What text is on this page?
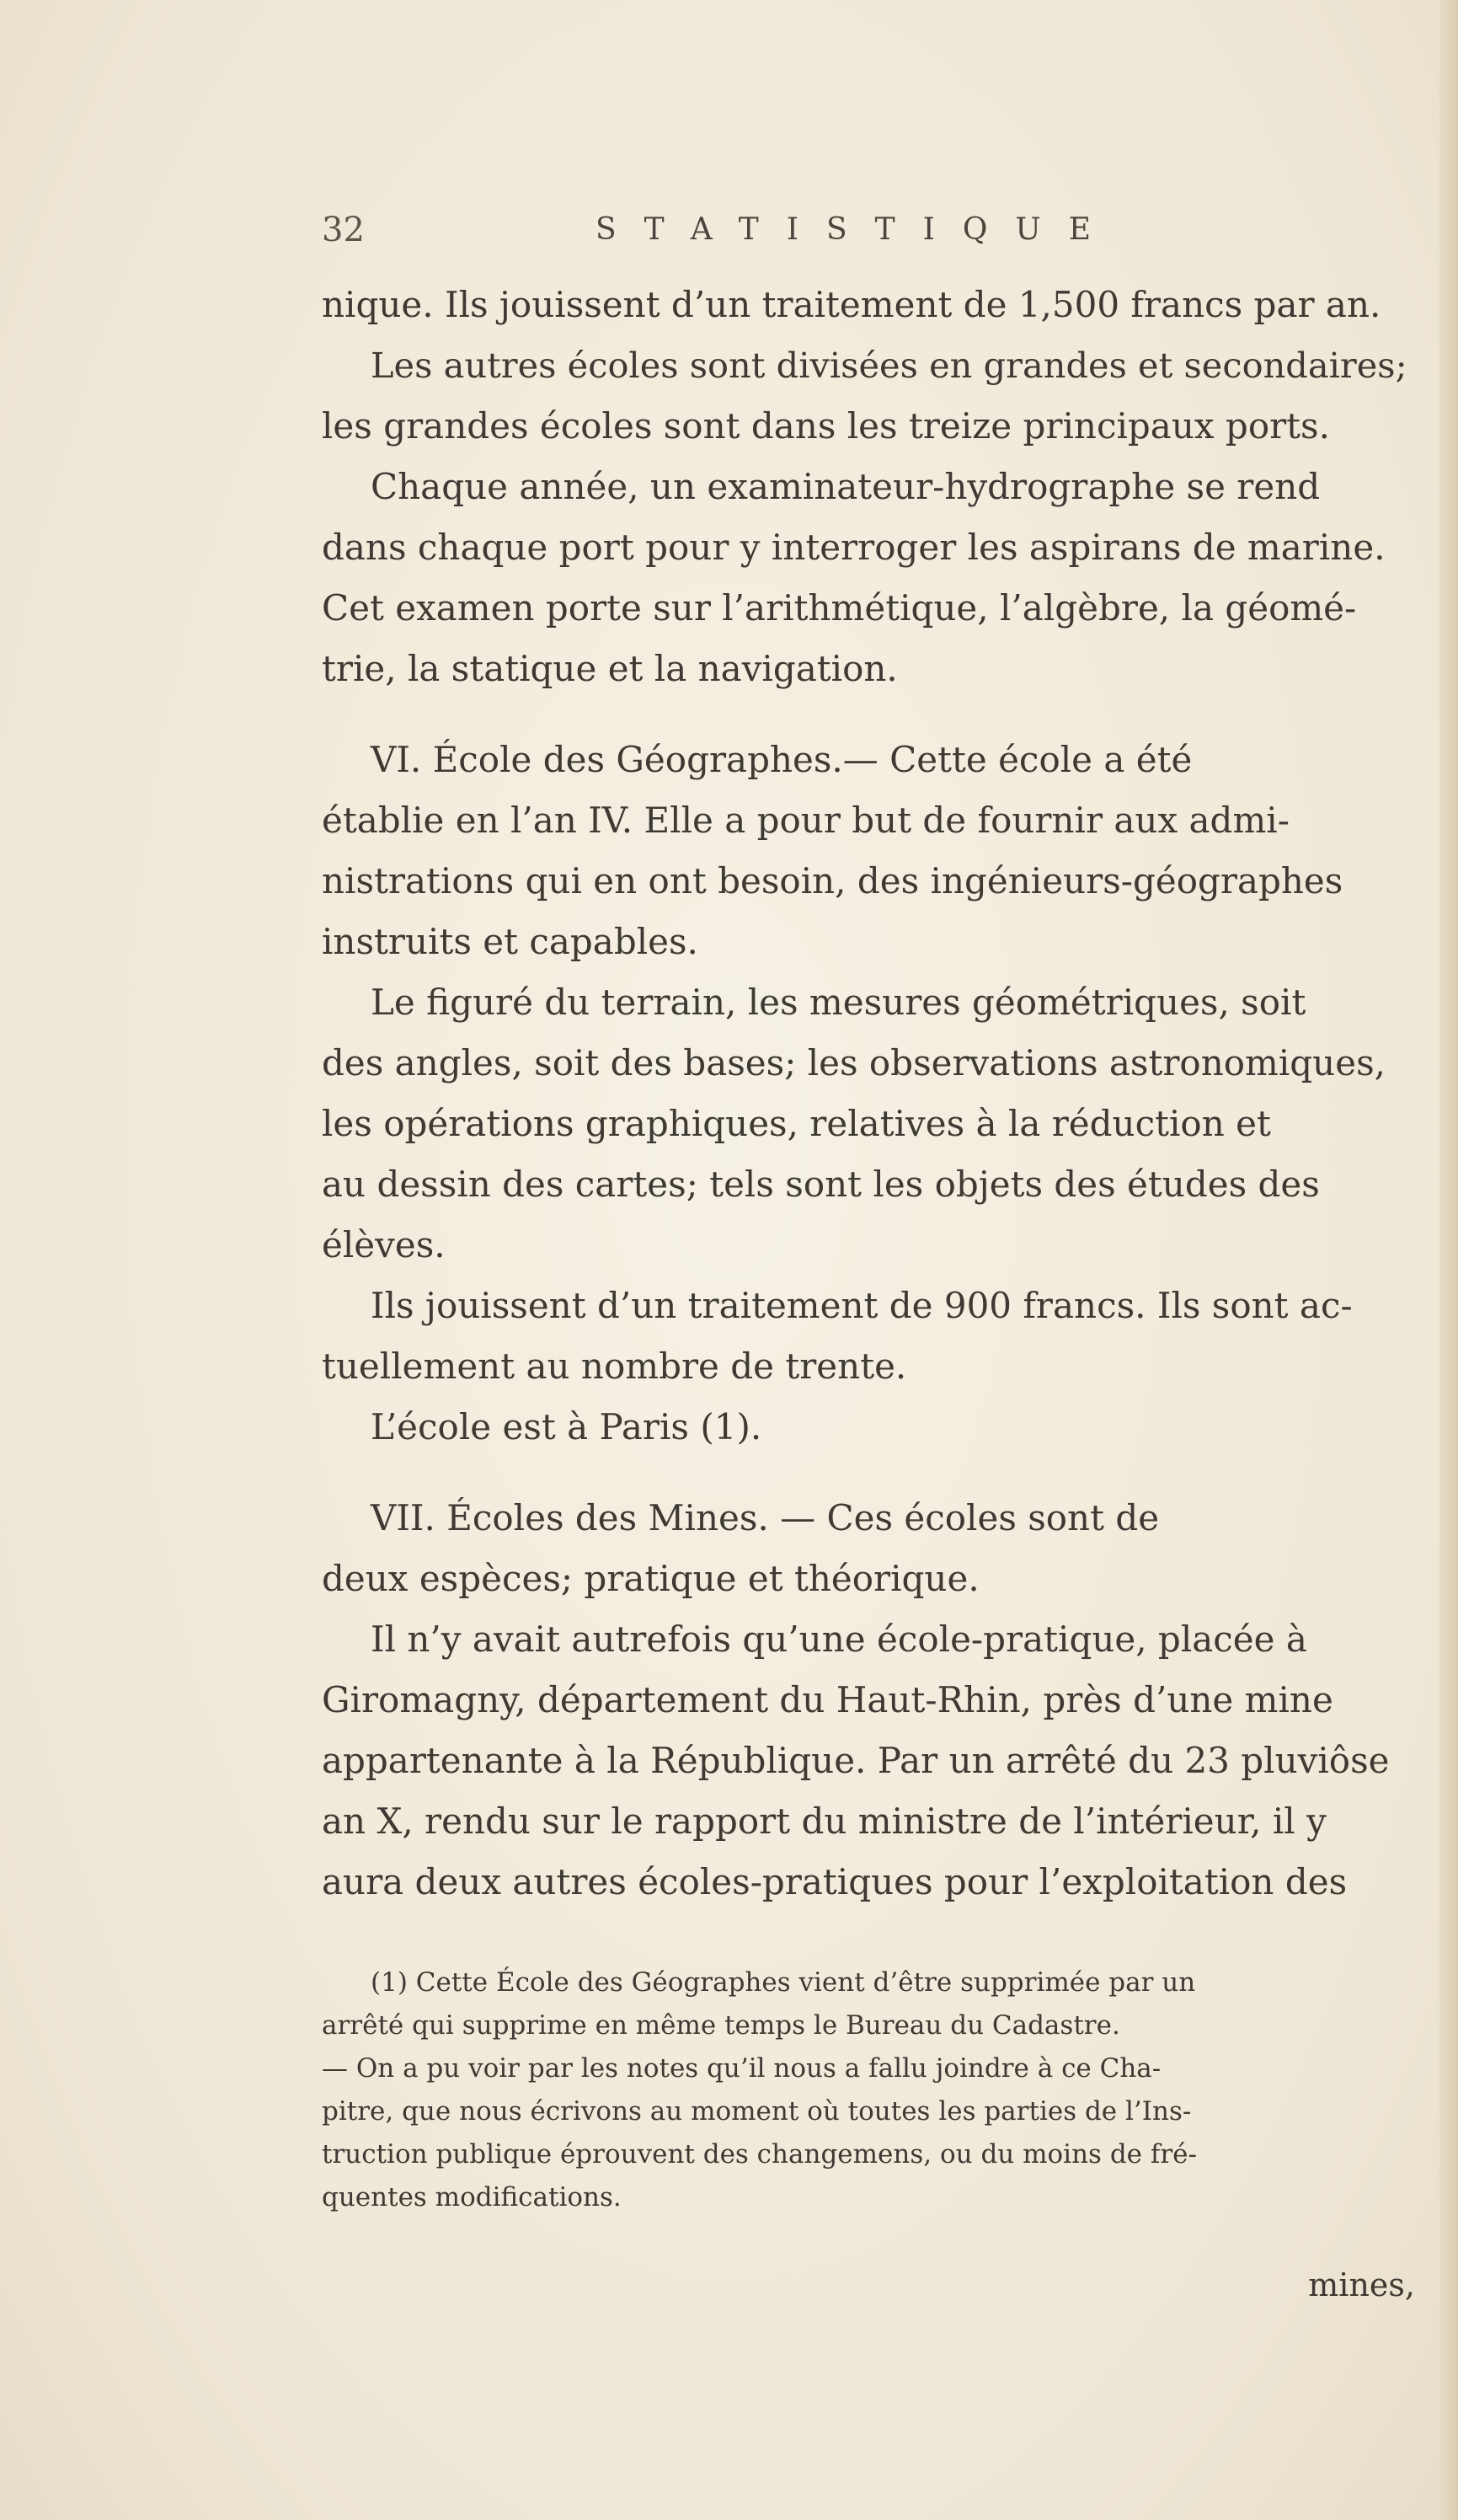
32	STATISTIQUE

nique. Ils jouissent d’un traitement de 1,500 francs par an.

Les autres écoles sont divisées en grandes et secondaires;

les grandes écoles sont dans les treize principaux ports.

Chaque année, un examinateur-hydrographe se rend

dans chaque port pour y interroger les aspirans de marine.

Cet examen porte sur l’arithmétique, l’algèbre, la géomé-

trie, la statique et la navigation.

VI. École des Géographes.— Cette école a été

établie en l’an IV. Elle a pour but de fournir aux admi-

nistrations qui en ont besoin, des ingénieurs-géographes

instruits et capables.

Le figuré du terrain, les mesures géométriques, soit

des angles, soit des bases; les observations astronomiques,

les opérations graphiques, relatives à la réduction et

au dessin des cartes; tels sont les objets des études des

élèves.

Ils jouissent d’un traitement de 900 francs. Ils sont ac-

tuellement au nombre de trente.

L’école est à Paris (1).

VII. Écoles des Mines. — Ces écoles sont de

deux espèces; pratique et théorique.

Il n’y avait autrefois qu’une école-pratique, placée à

Giromagny, département du Haut-Rhin, près d’une mine

appartenante à la République. Par un arrêté du 23 pluviôse

an X, rendu sur le rapport du ministre de l’intérieur, il y

aura deux autres écoles-pratiques pour l’exploitation des

(1) Cette École des Géographes vient d’être supprimée par un

arrêté qui supprime en même temps le Bureau du Cadastre.

— On a pu voir par les notes qu’il nous a fallu joindre à ce Cha-

pitre, que nous écrivons au moment où toutes les parties de l’Ins-

truction publique éprouvent des changemens, ou du moins de fré-

quentes modifications.

mines,
